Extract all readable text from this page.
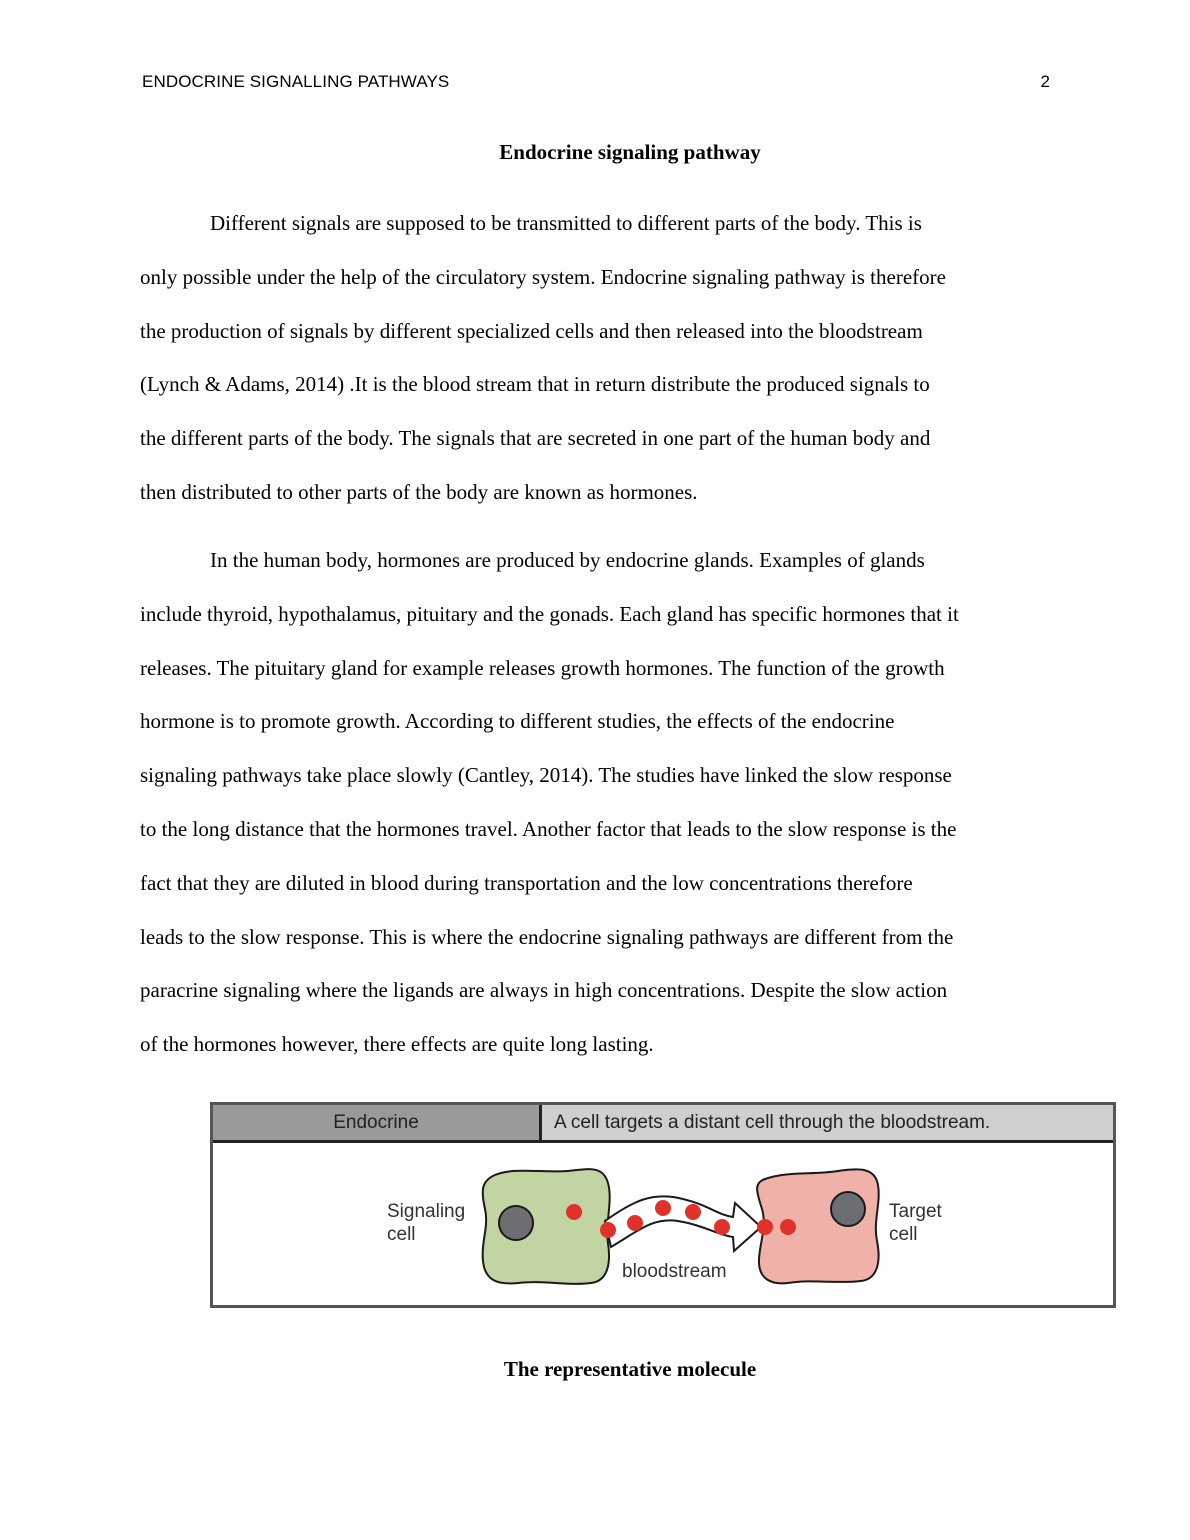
ENDOCRINE SIGNALLING PATHWAYS	2
Endocrine signaling pathway
Different signals are supposed to be transmitted to different parts of the body. This is
only possible under the help of the circulatory system. Endocrine signaling pathway is therefore
the production of signals by different specialized cells and then released into the bloodstream
(Lynch & Adams, 2014) .It is the blood stream that in return distribute the produced signals to
the different parts of the body. The signals that are secreted in one part of the human body and
then distributed to other parts of the body are known as hormones.
In the human body, hormones are produced by endocrine glands. Examples of glands
include thyroid, hypothalamus, pituitary and the gonads. Each gland has specific hormones that it
releases. The pituitary gland for example releases growth hormones. The function of the growth
hormone is to promote growth. According to different studies, the effects of the endocrine
signaling pathways take place slowly (Cantley, 2014). The studies have linked the slow response
to the long distance that the hormones travel. Another factor that leads to the slow response is the
fact that they are diluted in blood during transportation and the low concentrations therefore
leads to the slow response. This is where the endocrine signaling pathways are different from the
paracrine signaling where the ligands are always in high concentrations. Despite the slow action
of the hormones however, there effects are quite long lasting.
Endocrine	A cell targets a distant cell through the bloodstream.
Signaling
cell
Target
cell
bloodstream
The representative molecule
